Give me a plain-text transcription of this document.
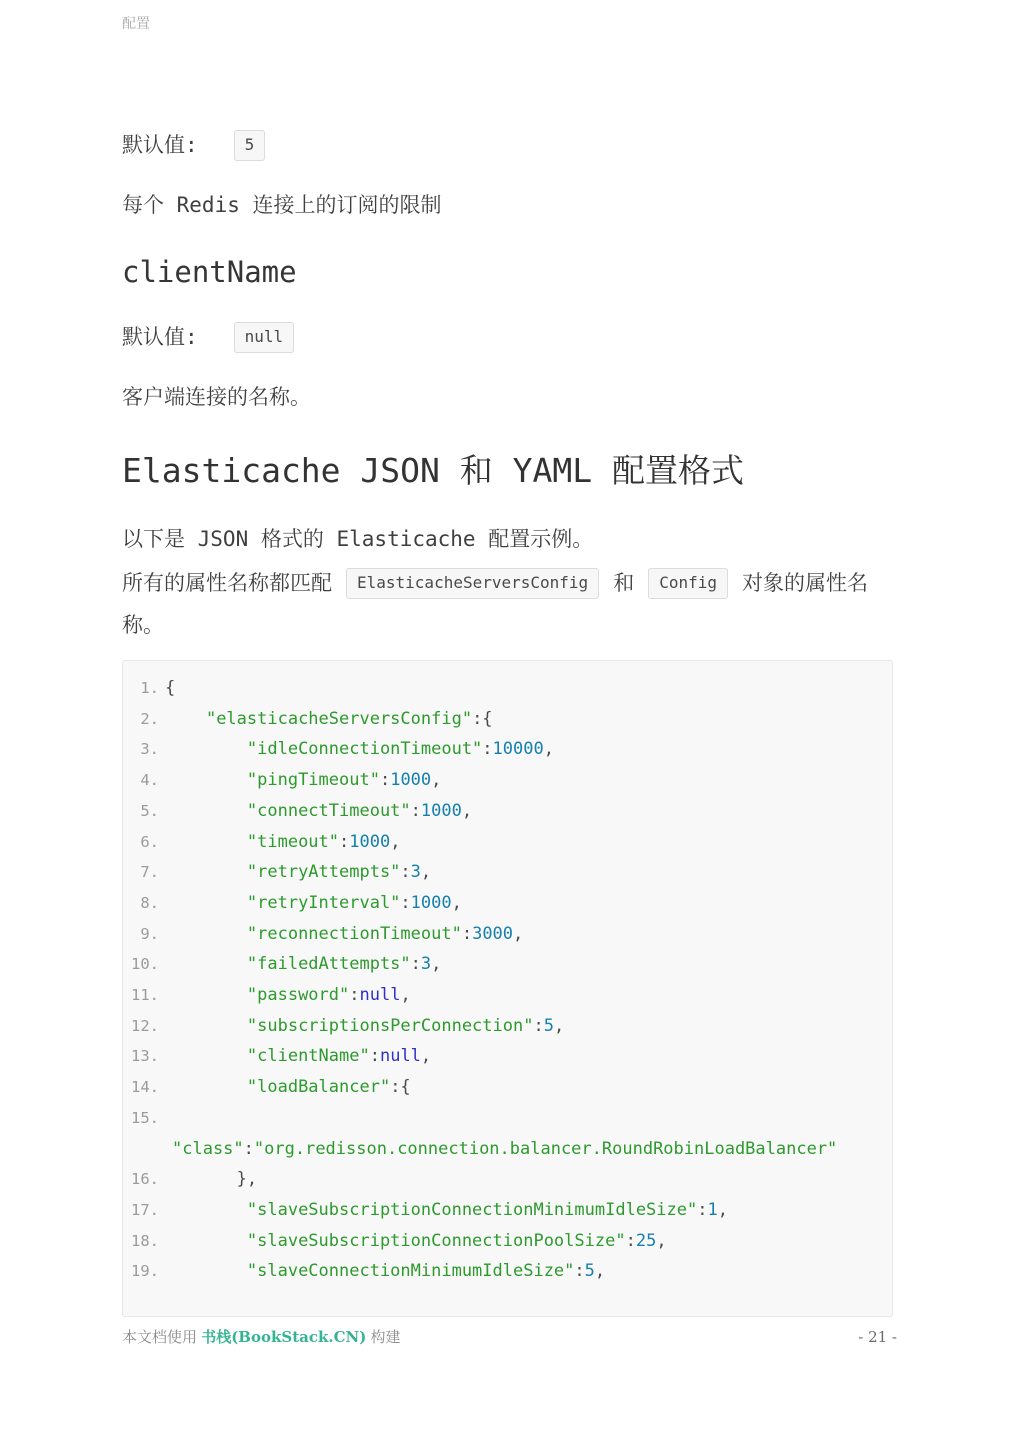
配置

默认值:	5

每个 Redis 连接上的订阅的限制

clientName

默认值:	null

客户端连接的名称。

Elasticache JSON 和 YAML 配置格式

以下是 JSON 格式的 Elasticache 配置示例。

所有的属性名称都匹配 ElasticacheServersConfig 和 Config 对象的属性名称。

1. {
2.	"elasticacheServersConfig":{
3.	"idleConnectionTimeout":10000,
4.	"pingTimeout":1000,
5.	"connectTimeout":1000,
6.	"timeout":1000,
7.	"retryAttempts":3,
8.	"retryInterval":1000,
9.	"reconnectionTimeout":3000,
10.	"failedAttempts":3,
11.	"password":null,
12.	"subscriptionsPerConnection":5,
13.	"clientName":null,
14.	"loadBalancer":{
15.
"class":"org.redisson.connection.balancer.RoundRobinLoadBalancer"
16. },
17.	"slaveSubscriptionConnectionMinimumIdleSize":1,
18.	"slaveSubscriptionConnectionPoolSize":25,
19.	"slaveConnectionMinimumIdleSize":5,
本文档使用 书栈(BookStack.CN) 构建	- 21 -
